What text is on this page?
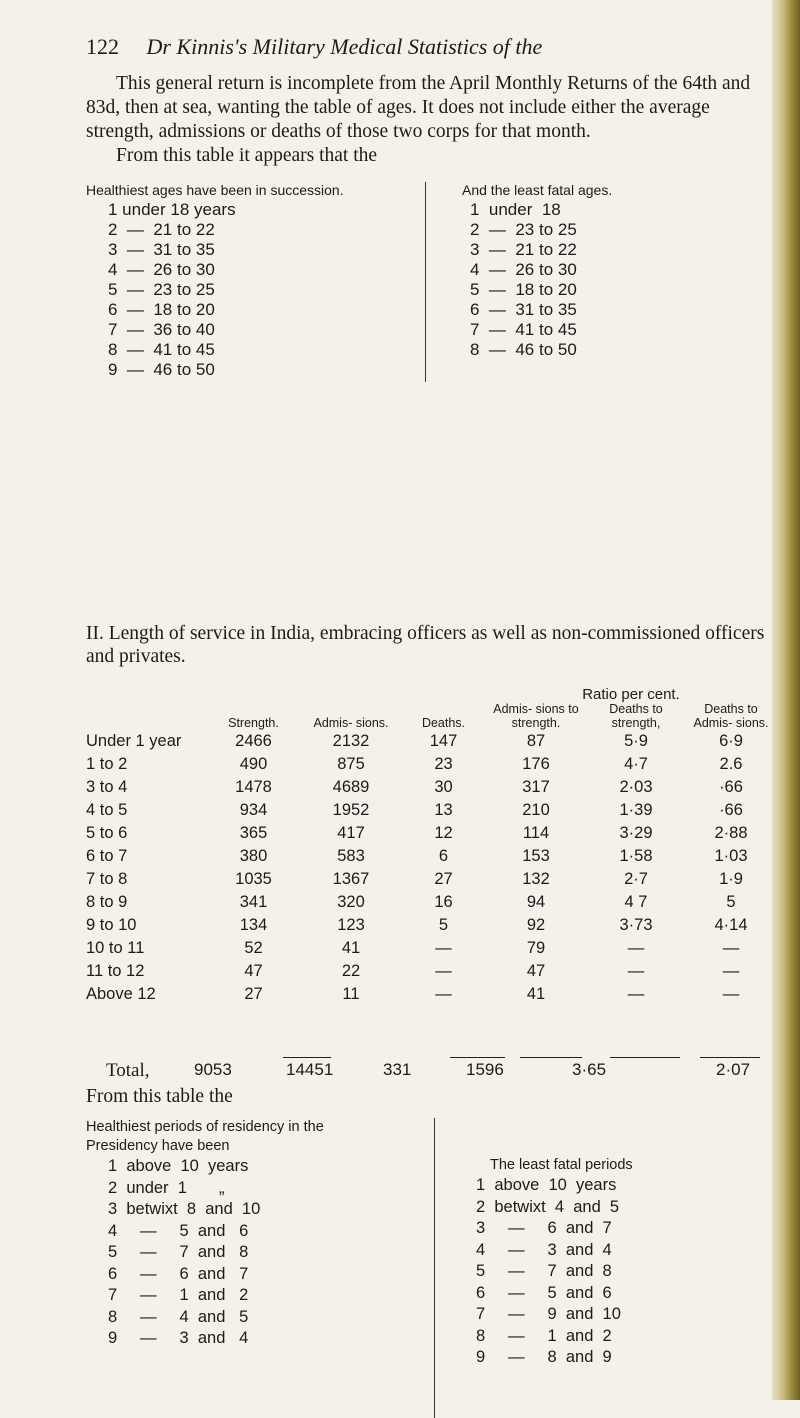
122 Dr Kinnis's Military Medical Statistics of the

This general return is incomplete from the April Monthly Returns of the 64th and 83d, then at sea, wanting the table of ages. It does not include either the average strength, admissions or deaths of those two corps for that month.

From this table it appears that the

Healthiest ages have been in succession.
1 under 18 years
2  —  21 to 22
3  —  31 to 35
4  —  26 to 30
5  —  23 to 25
6  —  18 to 20
7  —  36 to 40
8  —  41 to 45
9  —  46 to 50
And the least fatal ages.
1  under  18
2  —  23 to 25
3  —  21 to 22
4  —  26 to 30
5  —  18 to 20
6  —  31 to 35
7  —  41 to 45
8  —  46 to 50
II. Length of service in India, embracing officers as well as non-commissioned officers and privates.
				Ratio per cent.		
	Strength.	Admis- sions.	Deaths.	Admis- sions to strength.	Deaths to strength,	Deaths to Admis- sions.
Under 1 year	2466	2132	147	87	5·9	6·9
1 to 2	490	875	23	176	4·7	2.6
3 to 4	1478	4689	30	317	2·03	·66
4 to 5	934	1952	13	210	1·39	·66
5 to 6	365	417	12	114	3·29	2·88
6 to 7	380	583	6	153	1·58	1·03
7 to 8	1035	1367	27	132	2·7	1·9
8 to 9	341	320	16	94	4 7	5
9 to 10	134	123	5	92	3·73	4·14
10 to 11	52	41	—	79	—	—
11 to 12	47	22	—	47	—	—
Above 12	27	11	—	41	—	—
Total,	9053	14451	331	1596	3·65	2·07
From this table the
Healthiest periods of residency in the Presidency have been
1  above  10  years
2  under  1       „
3  betwixt  8  and  10
4     —     5  and   6
5     —     7  and   8
6     —     6  and   7
7     —     1  and   2
8     —     4  and   5
9     —     3  and   4
The least fatal periods
1  above  10  years
2  betwixt  4  and  5
3     —     6  and  7
4     —     3  and  4
5     —     7  and  8
6     —     5  and  6
7     —     9  and  10
8     —     1  and  2
9     —     8  and  9
